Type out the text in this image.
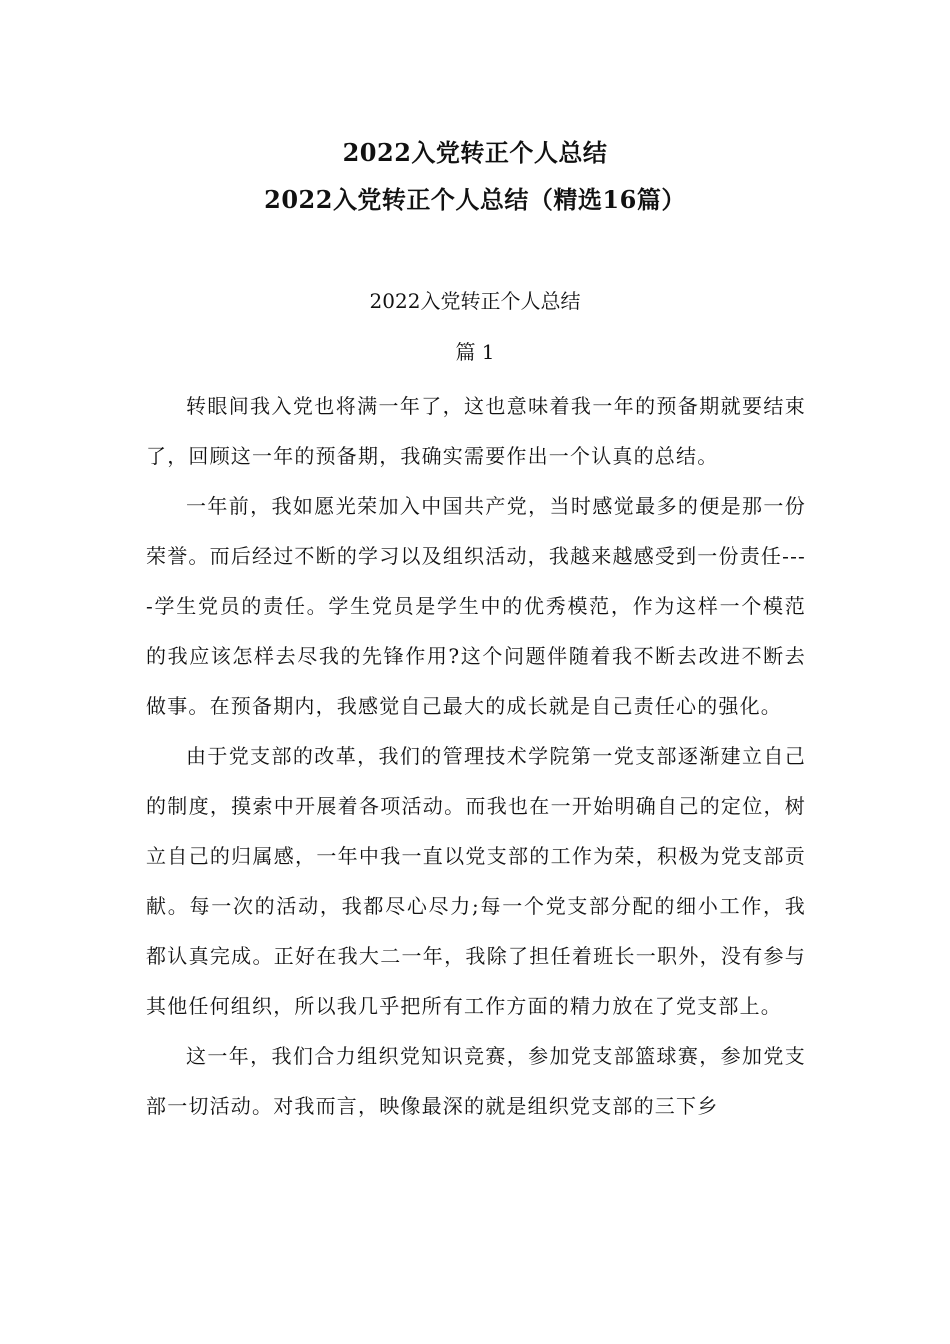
2022入党转正个人总结
2022入党转正个人总结（精选16篇）
2022入党转正个人总结
篇 1

转眼间我入党也将满一年了，这也意味着我一年的预备期就要结束了，回顾这一年的预备期，我确实需要作出一个认真的总结。

一年前，我如愿光荣加入中国共产党，当时感觉最多的便是那一份荣誉。而后经过不断的学习以及组织活动，我越来越感受到一份责任----学生党员的责任。学生党员是学生中的优秀模范，作为这样一个模范的我应该怎样去尽我的先锋作用?这个问题伴随着我不断去改进不断去做事。在预备期内，我感觉自己最大的成长就是自己责任心的强化。

由于党支部的改革，我们的管理技术学院第一党支部逐渐建立自己的制度，摸索中开展着各项活动。而我也在一开始明确自己的定位，树立自己的归属感，一年中我一直以党支部的工作为荣，积极为党支部贡献。每一次的活动，我都尽心尽力;每一个党支部分配的细小工作，我都认真完成。正好在我大二一年，我除了担任着班长一职外，没有参与其他任何组织，所以我几乎把所有工作方面的精力放在了党支部上。

这一年，我们合力组织党知识竞赛，参加党支部篮球赛，参加党支部一切活动。对我而言，映像最深的就是组织党支部的三下乡
